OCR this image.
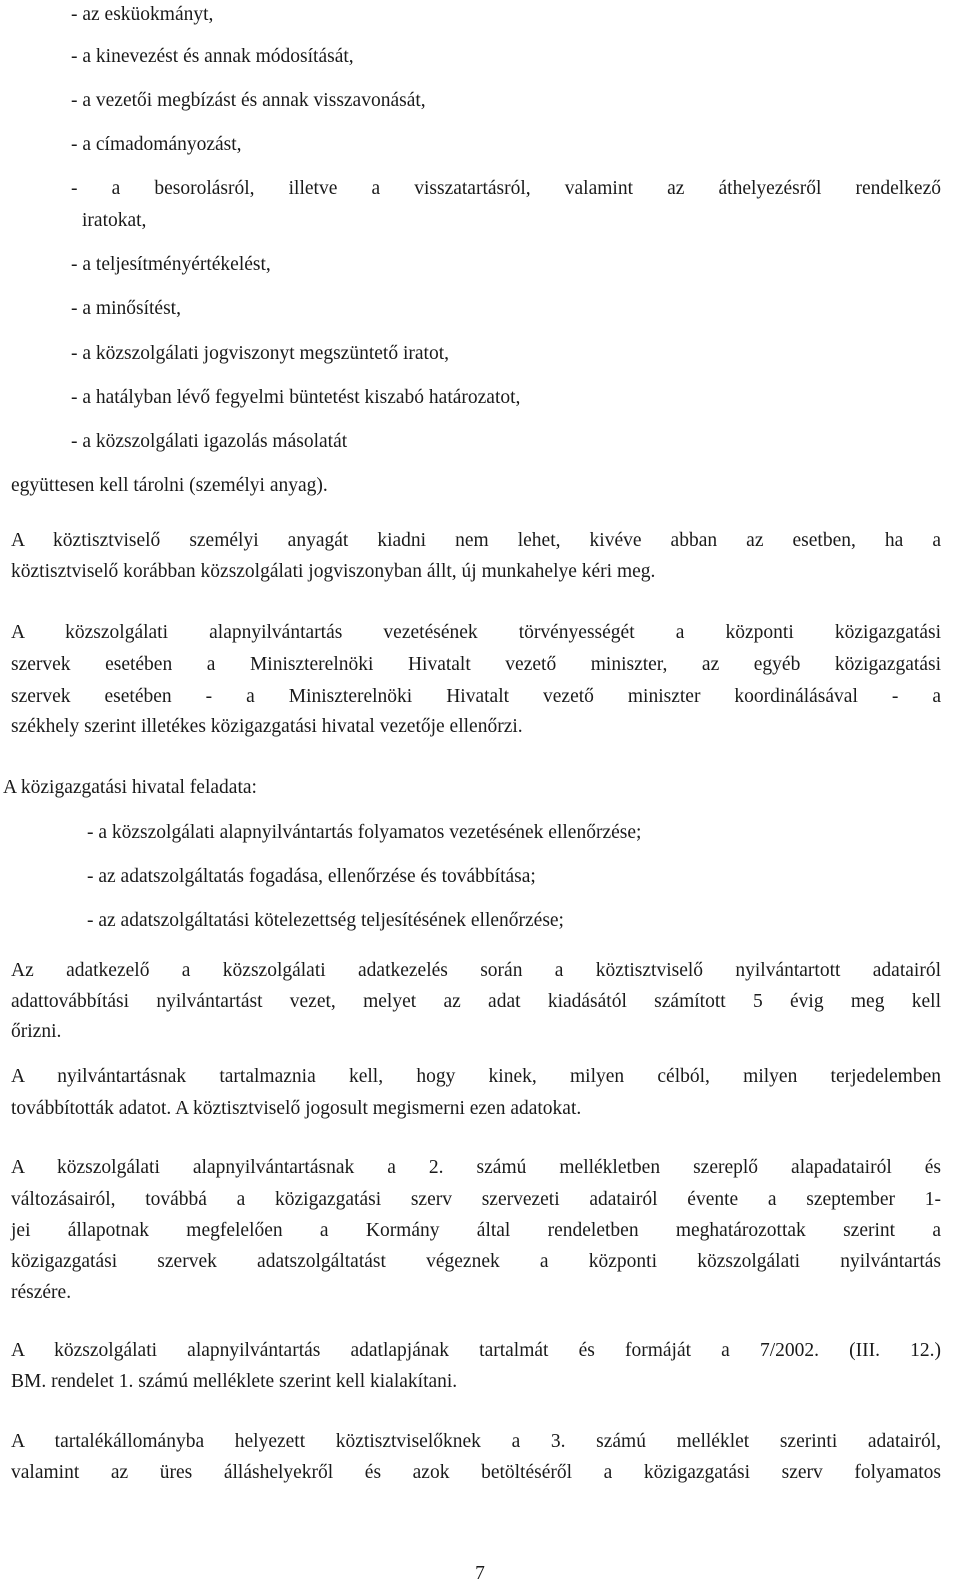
- az esküokmányt,
- a kinevezést és annak módosítását,
- a vezetői megbízást és annak visszavonását,
- a címadományozást,
- a besorolásról, illetve a visszatartásról, valamint az áthelyezésről rendelkező
iratokat,
- a teljesítményértékelést,
- a minősítést,
- a közszolgálati jogviszonyt megszüntető iratot,
- a hatályban lévő fegyelmi büntetést kiszabó határozatot,
- a közszolgálati igazolás másolatát
együttesen kell tárolni (személyi anyag).
A köztisztviselő személyi anyagát kiadni nem lehet, kivéve abban az esetben, ha a
köztisztviselő korábban közszolgálati jogviszonyban állt, új munkahelye kéri meg.
A közszolgálati alapnyilvántartás vezetésének törvényességét a központi közigazgatási
szervek esetében a Miniszterelnöki Hivatalt vezető miniszter, az egyéb közigazgatási
szervek esetében - a Miniszterelnöki Hivatalt vezető miniszter koordinálásával - a
székhely szerint illetékes közigazgatási hivatal vezetője ellenőrzi.
A közigazgatási hivatal feladata:
- a közszolgálati alapnyilvántartás folyamatos vezetésének ellenőrzése;
- az adatszolgáltatás fogadása, ellenőrzése és továbbítása;
- az adatszolgáltatási kötelezettség teljesítésének ellenőrzése;
Az adatkezelő a közszolgálati adatkezelés során a köztisztviselő nyilvántartott adatairól
adattovábbítási nyilvántartást vezet, melyet az adat kiadásától számított 5 évig meg kell
őrizni.
A nyilvántartásnak tartalmaznia kell, hogy kinek, milyen célból, milyen terjedelemben
továbbították adatot. A köztisztviselő jogosult megismerni ezen adatokat.
A közszolgálati alapnyilvántartásnak a 2. számú mellékletben szereplő alapadatairól és
változásairól, továbbá a közigazgatási szerv szervezeti adatairól évente a szeptember 1-
jei állapotnak megfelelően a Kormány által rendeletben meghatározottak szerint a
közigazgatási szervek adatszolgáltatást végeznek a központi közszolgálati nyilvántartás
részére.
A közszolgálati alapnyilvántartás adatlapjának tartalmát és formáját a 7/2002. (III. 12.)
BM. rendelet 1. számú melléklete szerint kell kialakítani.
A tartalékállományba helyezett köztisztviselőknek a 3. számú melléklet szerinti adatairól,
valamint az üres álláshelyekről és azok betöltéséről a közigazgatási szerv folyamatos
7
